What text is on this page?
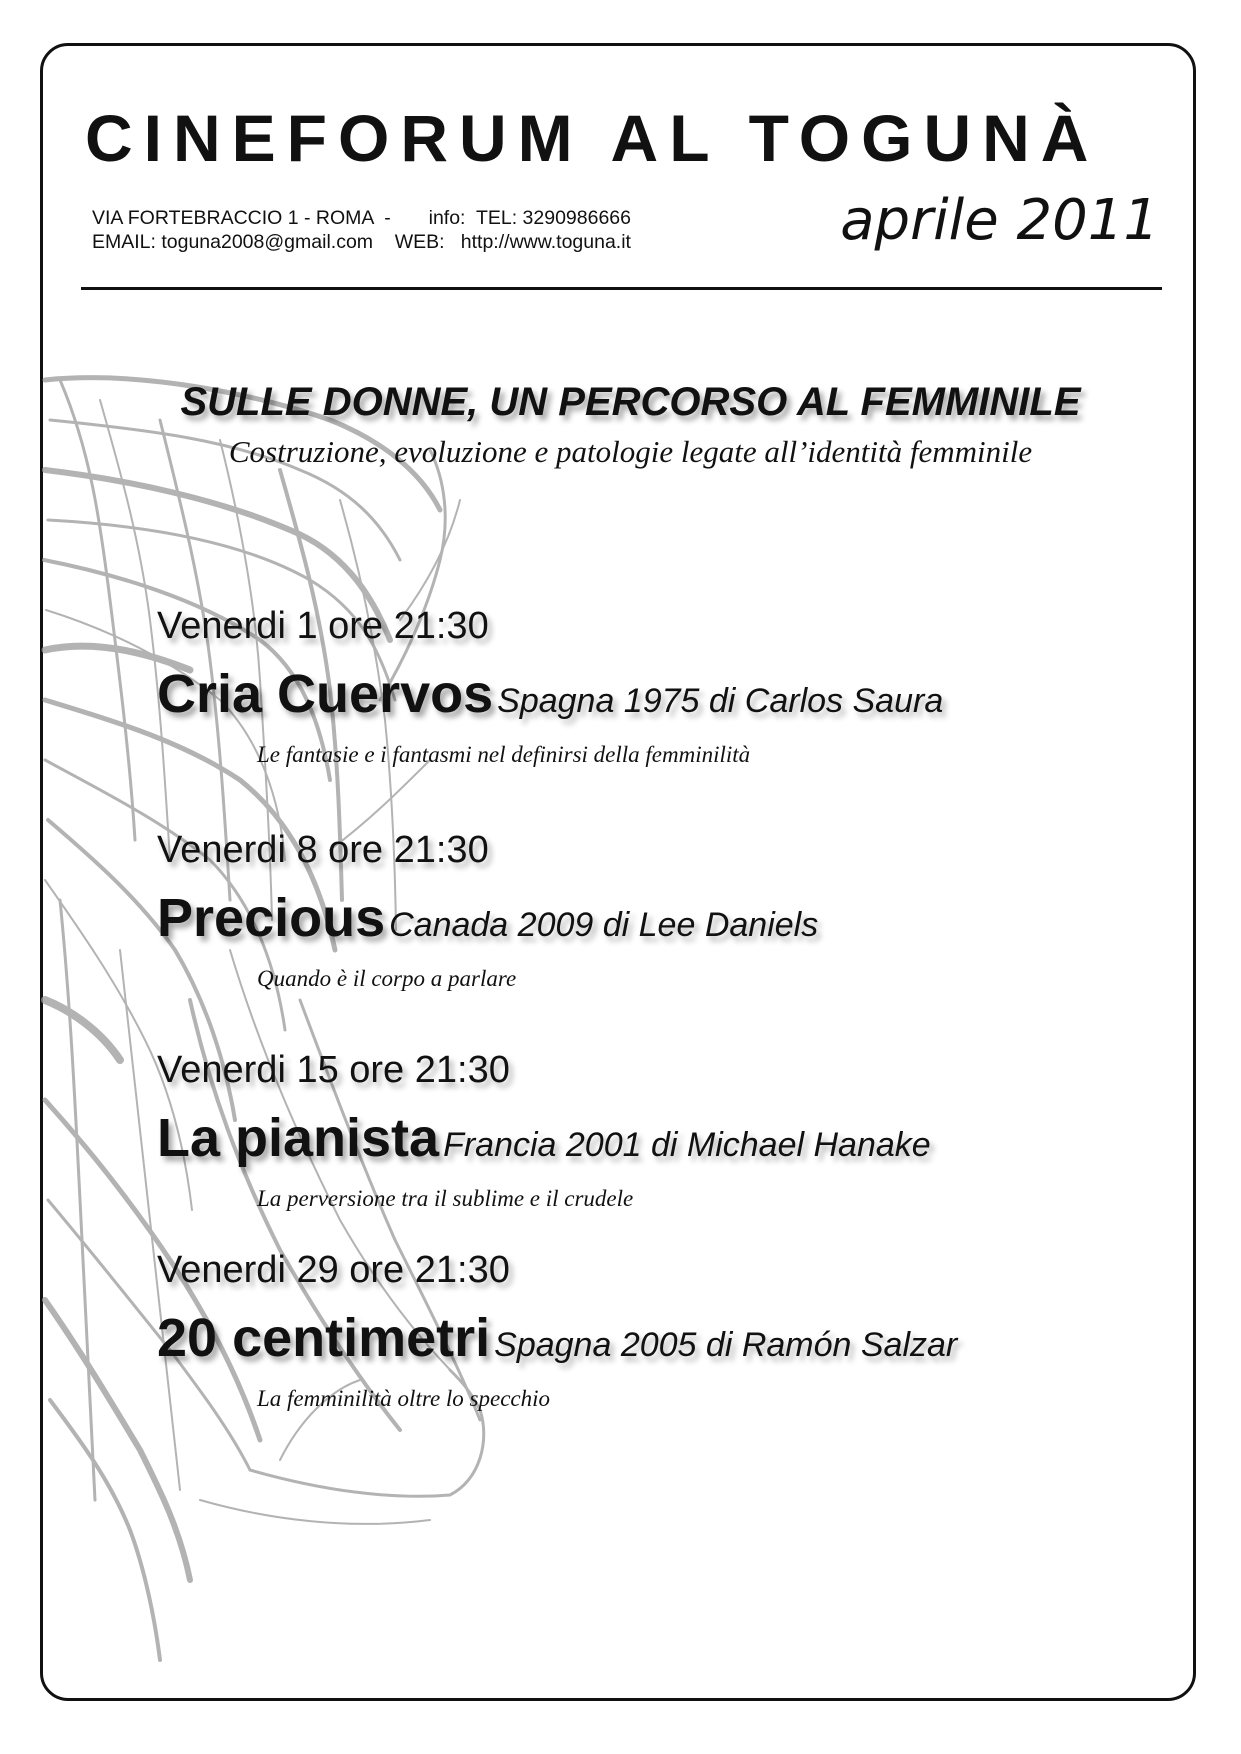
CINEFORUM AL TOGUNÀ
VIA FORTEBRACCIO 1 - ROMA  -       info:  TEL: 3290986666
EMAIL: toguna2008@gmail.com    WEB:   http://www.toguna.it	aprile 2011
SULLE DONNE, UN PERCORSO AL FEMMINILE
Costruzione, evoluzione e patologie legate all’identità femminile
Venerdi 1 ore 21:30
Cria Cuervos Spagna 1975 di Carlos Saura
Le fantasie e i fantasmi nel definirsi della femminilità
Venerdi 8 ore 21:30
Precious Canada 2009 di Lee Daniels
Quando è il corpo a parlare
Venerdi 15 ore 21:30
La pianista Francia 2001 di Michael Hanake
La perversione tra il sublime e il crudele
Venerdi 29 ore 21:30
20 centimetri Spagna 2005 di Ramón Salzar
La femminilità oltre lo specchio
